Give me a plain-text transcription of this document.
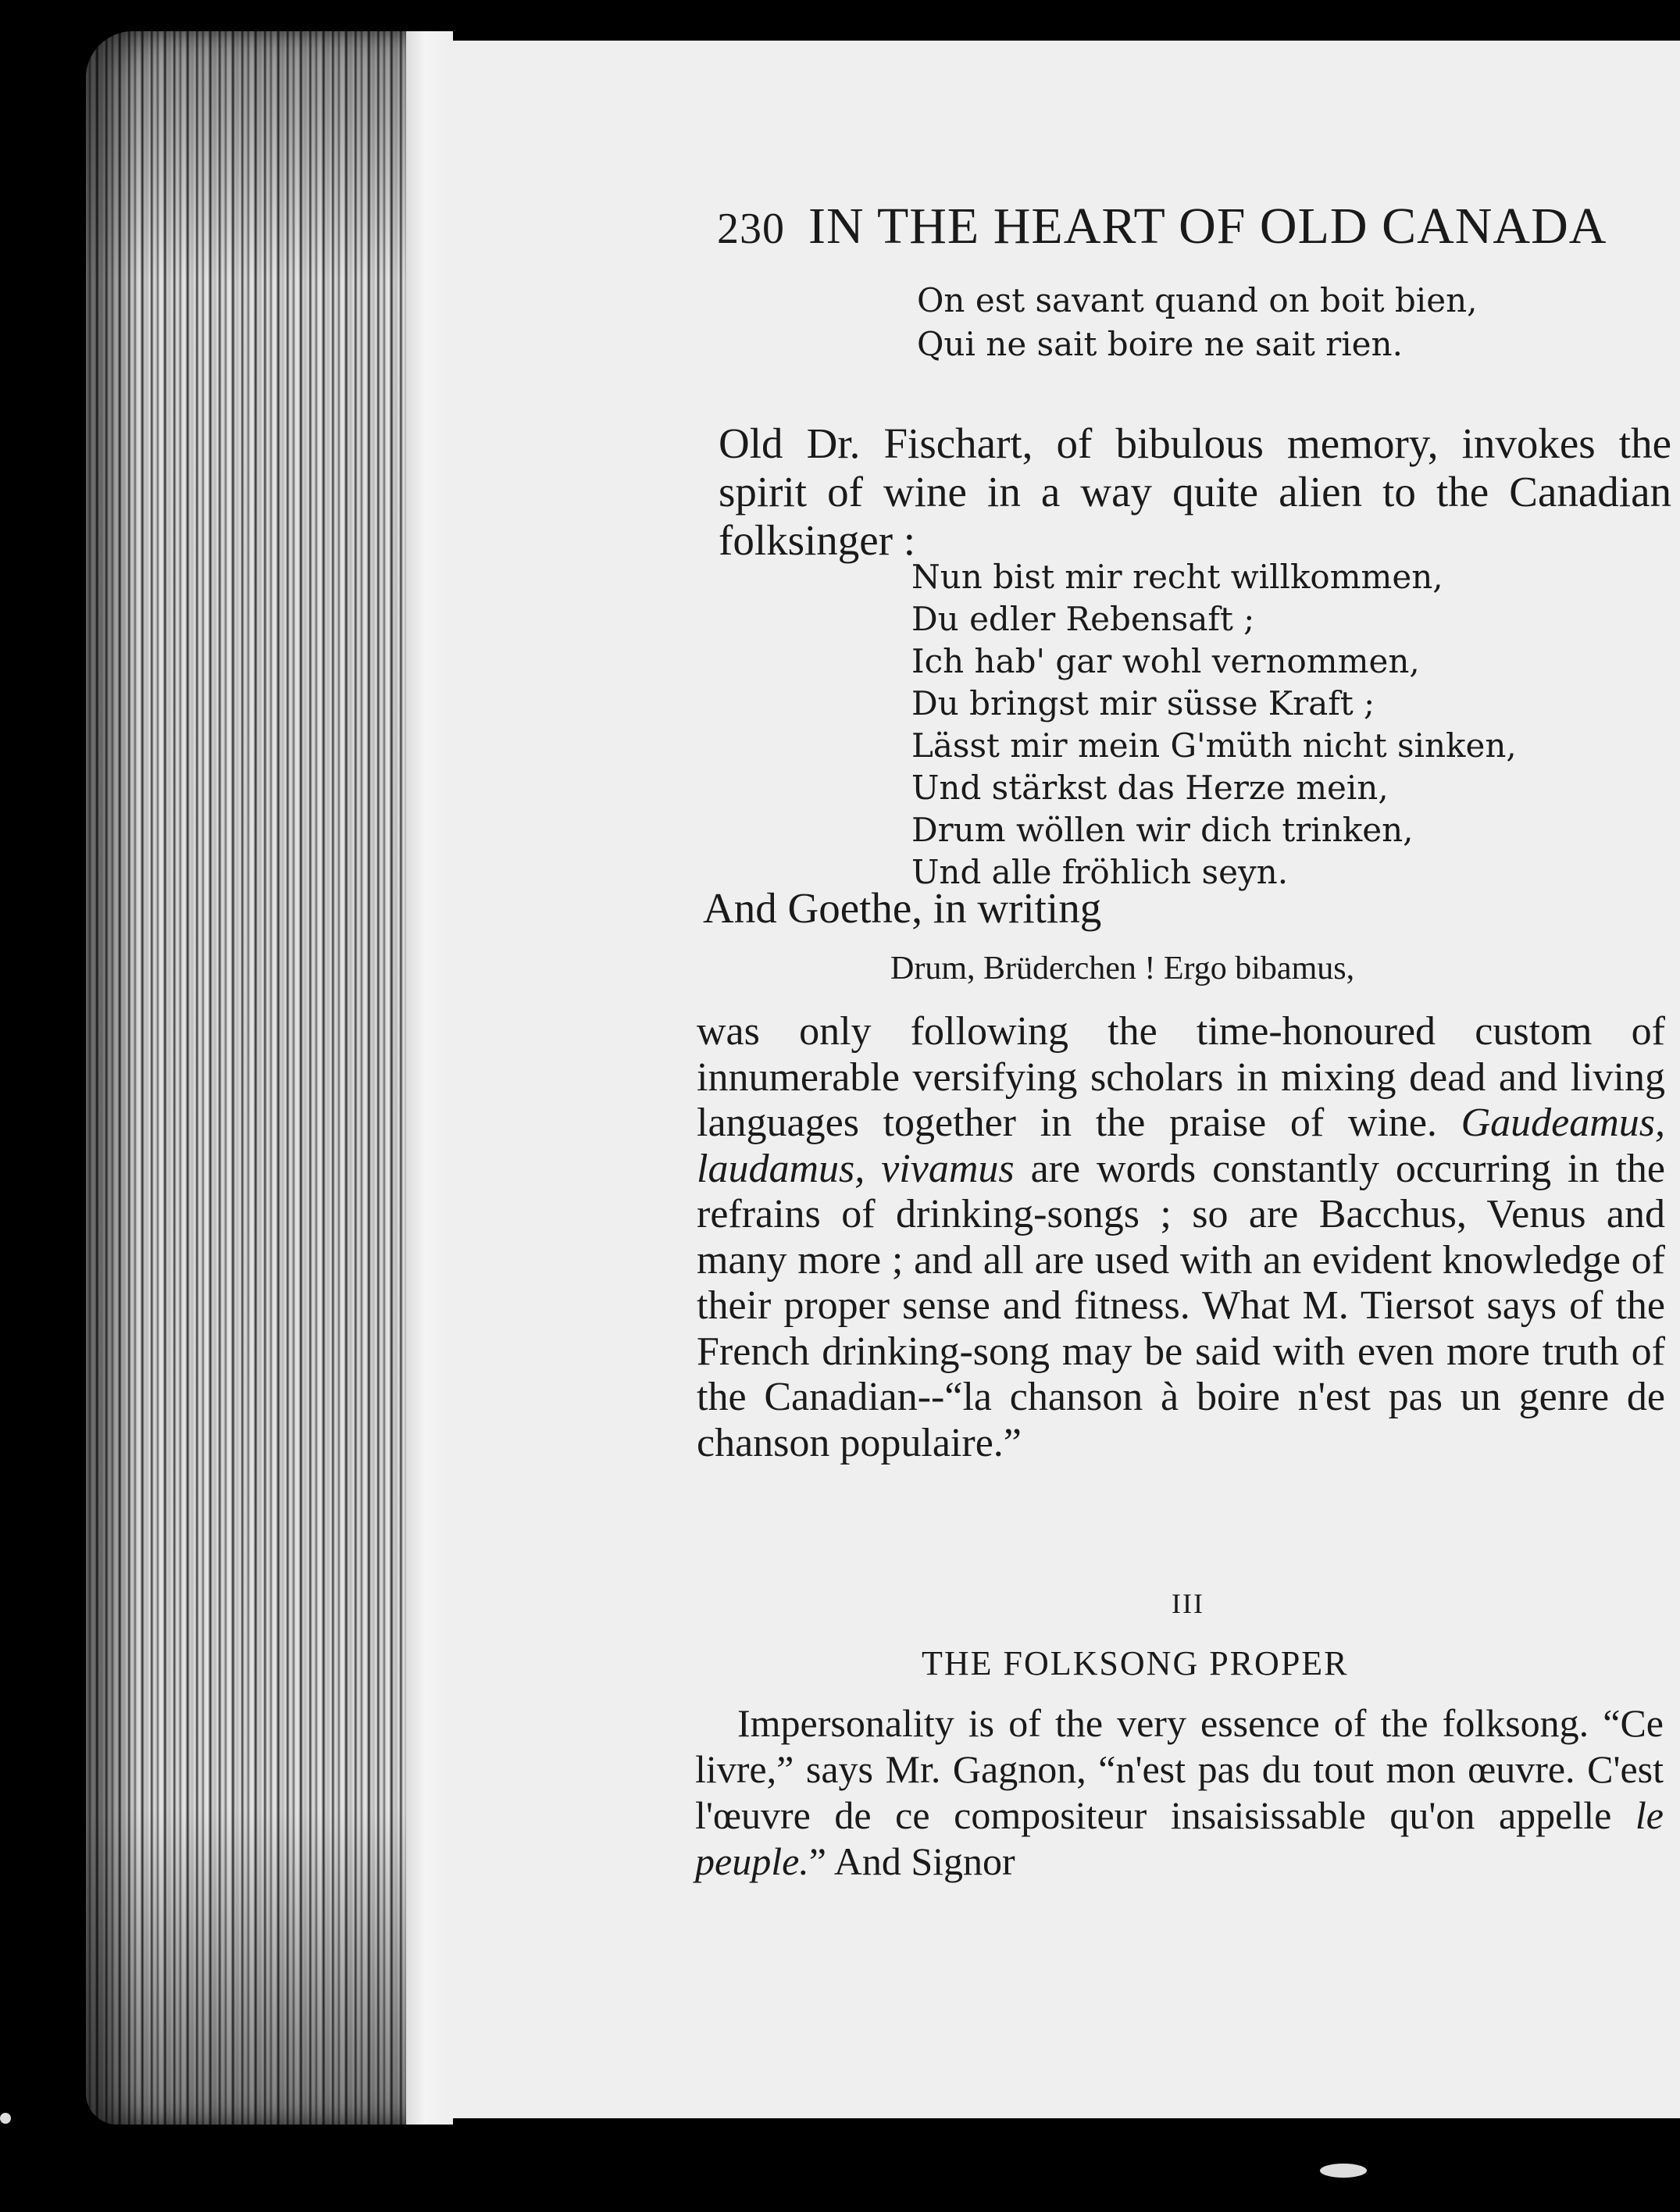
230 IN THE HEART OF OLD CANADA
On est savant quand on boit bien,
Qui ne sait boire ne sait rien.

Old Dr. Fischart, of bibulous memory, invokes the spirit of wine in a way quite alien to the Canadian folksinger :

Nun bist mir recht willkommen,
Du edler Rebensaft ;
Ich hab' gar wohl vernommen,
Du bringst mir süsse Kraft ;
Lässt mir mein G'müth nicht sinken,
Und stärkst das Herze mein,
Drum wöllen wir dich trinken,
Und alle fröhlich seyn.

And Goethe, in writing

Drum, Brüderchen ! Ergo bibamus,

was only following the time-honoured custom of innumerable versifying scholars in mixing dead and living languages together in the praise of wine. Gaudeamus, laudamus, vivamus are words constantly occurring in the refrains of drinking-songs ; so are Bacchus, Venus and many more ; and all are used with an evident knowledge of their proper sense and fitness. What M. Tiersot says of the French drinking-song may be said with even more truth of the Canadian--“la chanson à boire n'est pas un genre de chanson populaire.”

III
THE FOLKSONG PROPER

Impersonality is of the very essence of the folksong. “Ce livre,” says Mr. Gagnon, “n'est pas du tout mon œuvre. C'est l'œuvre de ce compositeur insaisissable qu'on appelle le peuple.” And Signor
